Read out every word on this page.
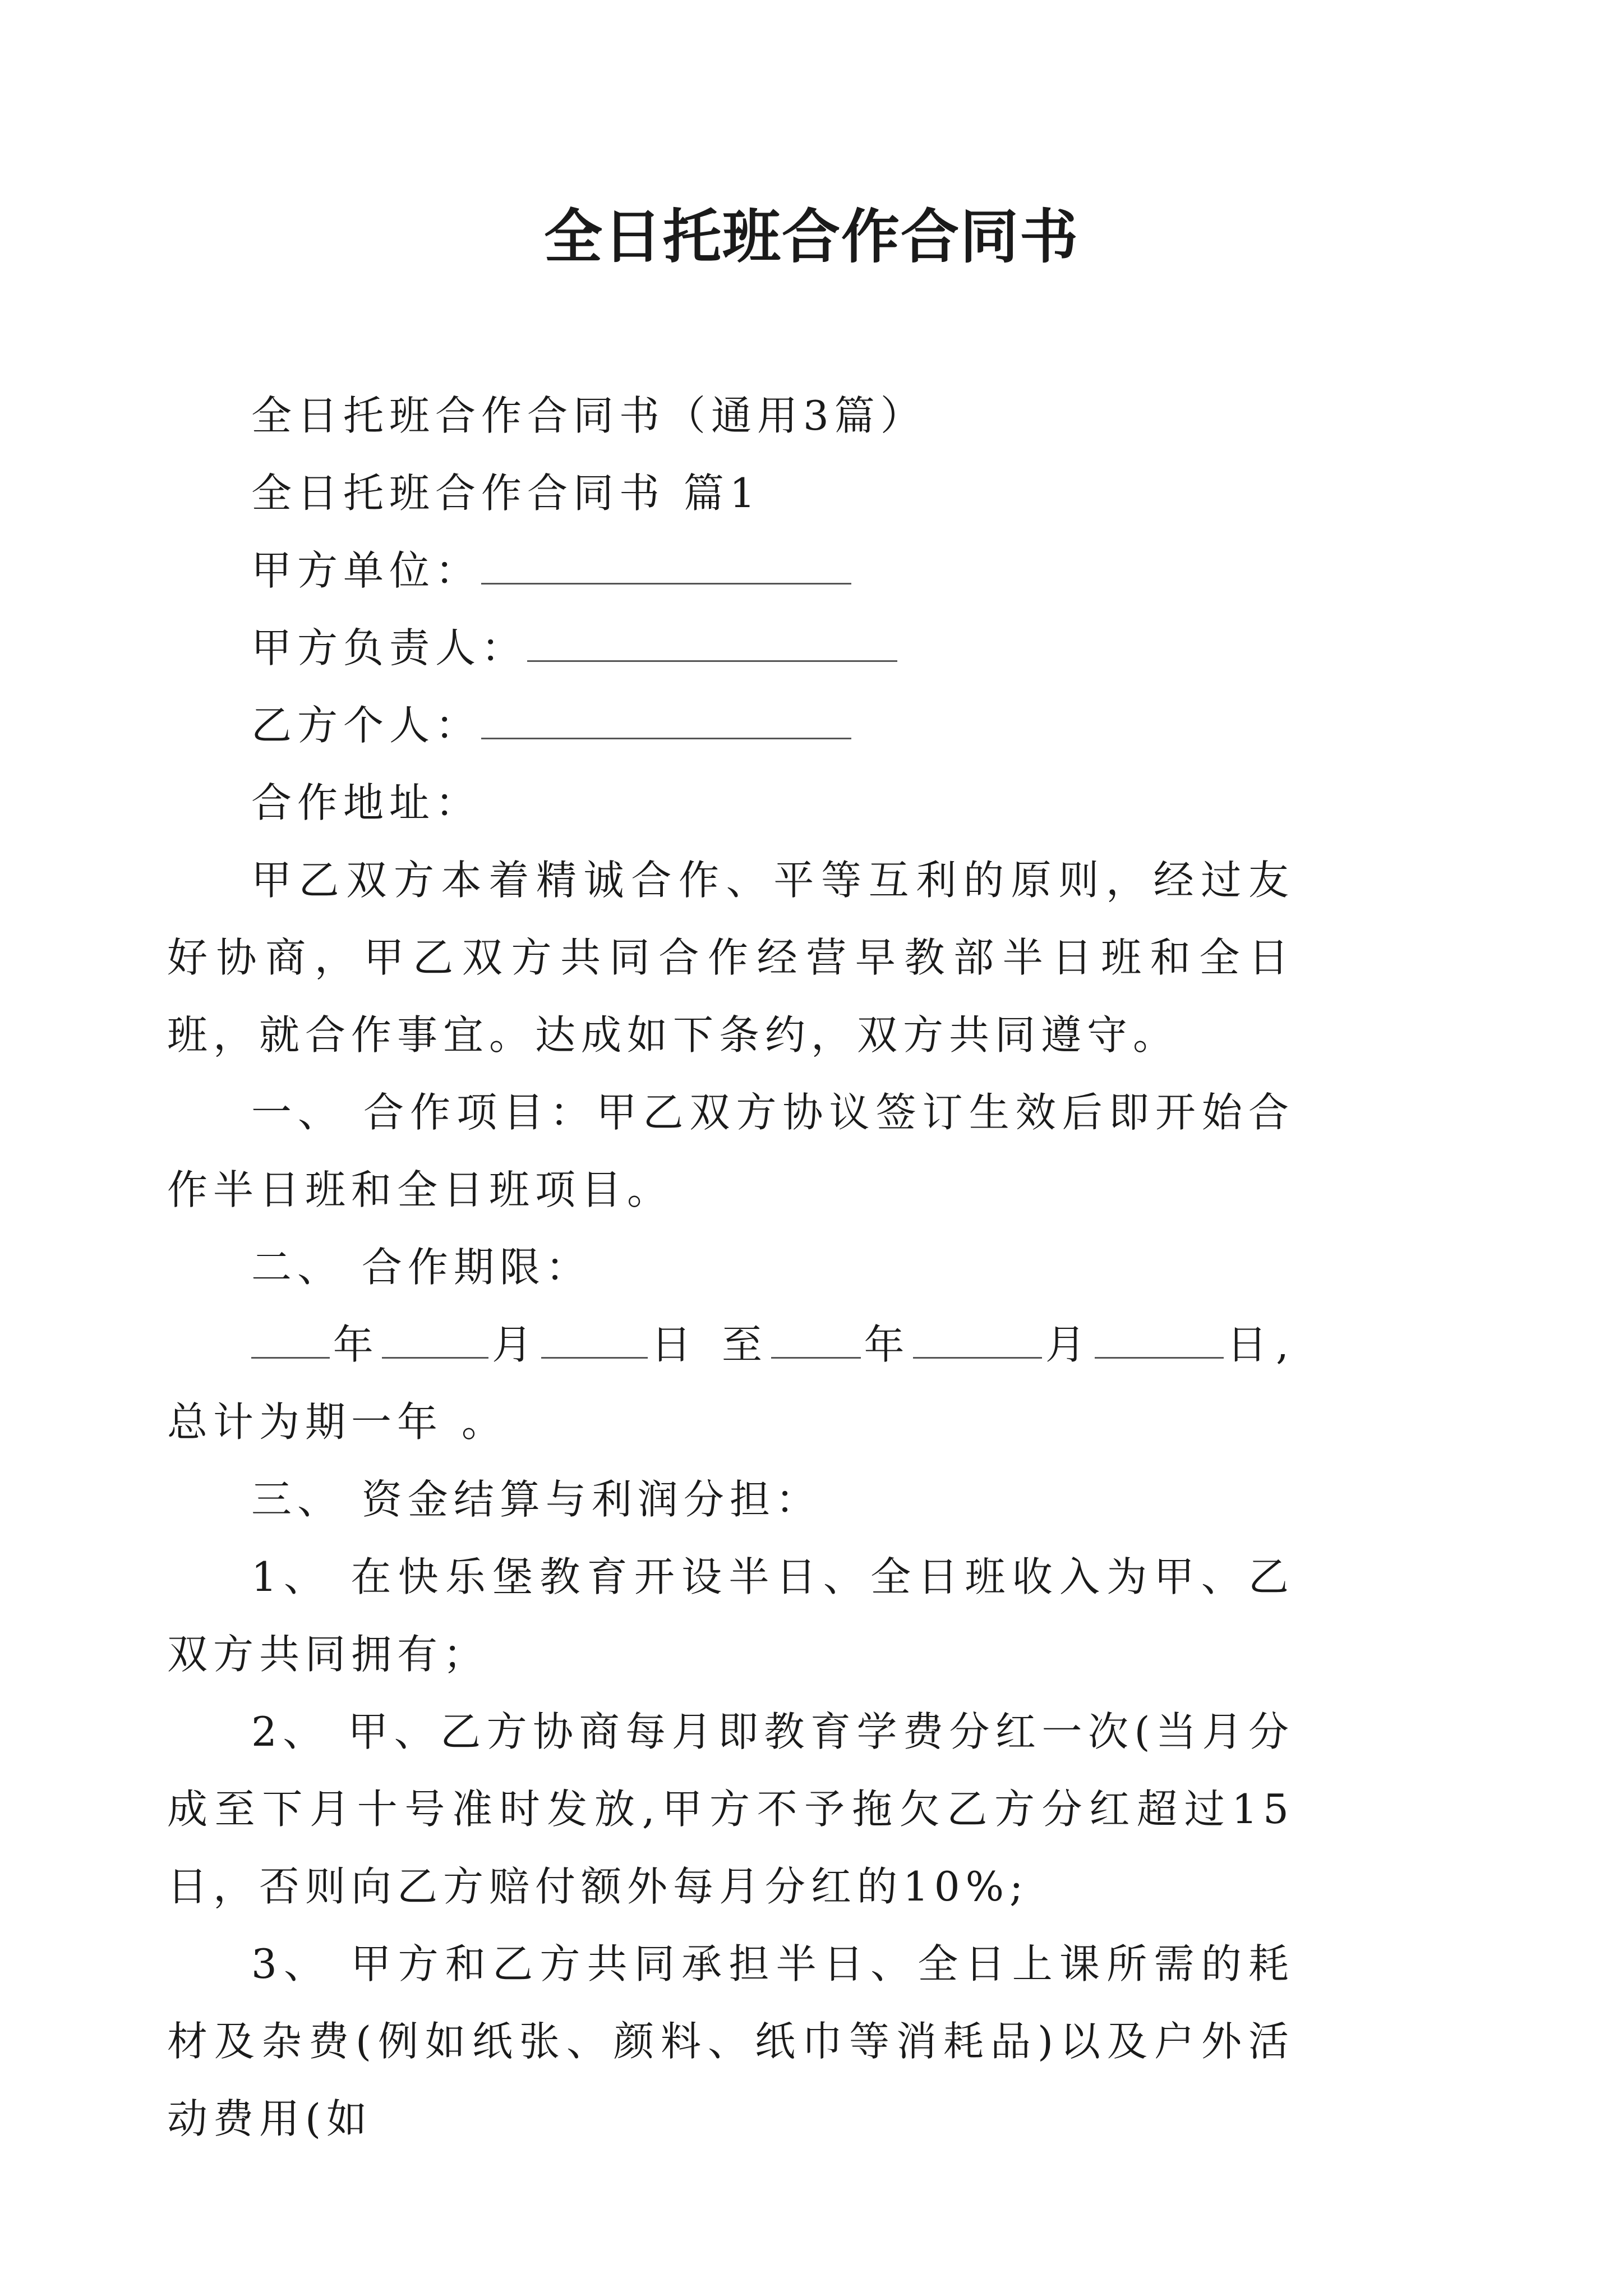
全日托班合作合同书

全日托班合作合同书（通用3篇）

全日托班合作合同书 篇1

甲方单位：

甲方负责人：

乙方个人：

合作地址：

甲乙双方本着精诚合作、平等互利的原则，经过友好协商，甲乙双方共同合作经营早教部半日班和全日班，就合作事宜。达成如下条约，双方共同遵守。

一、 合作项目：甲乙双方协议签订生效后即开始合作半日班和全日班项目。

二、 合作期限：

年	月	日 至 年	月	日,总计为期一年 。

三、 资金结算与利润分担：

1、 在快乐堡教育开设半日、全日班收入为甲、乙双方共同拥有；

2、 甲、乙方协商每月即教育学费分红一次(当月分成至下月十号准时发放,甲方不予拖欠乙方分红超过15日，否则向乙方赔付额外每月分红的10%;

3、 甲方和乙方共同承担半日、全日上课所需的耗材及杂费(例如纸张、颜料、纸巾等消耗品)以及户外活动费用(如
